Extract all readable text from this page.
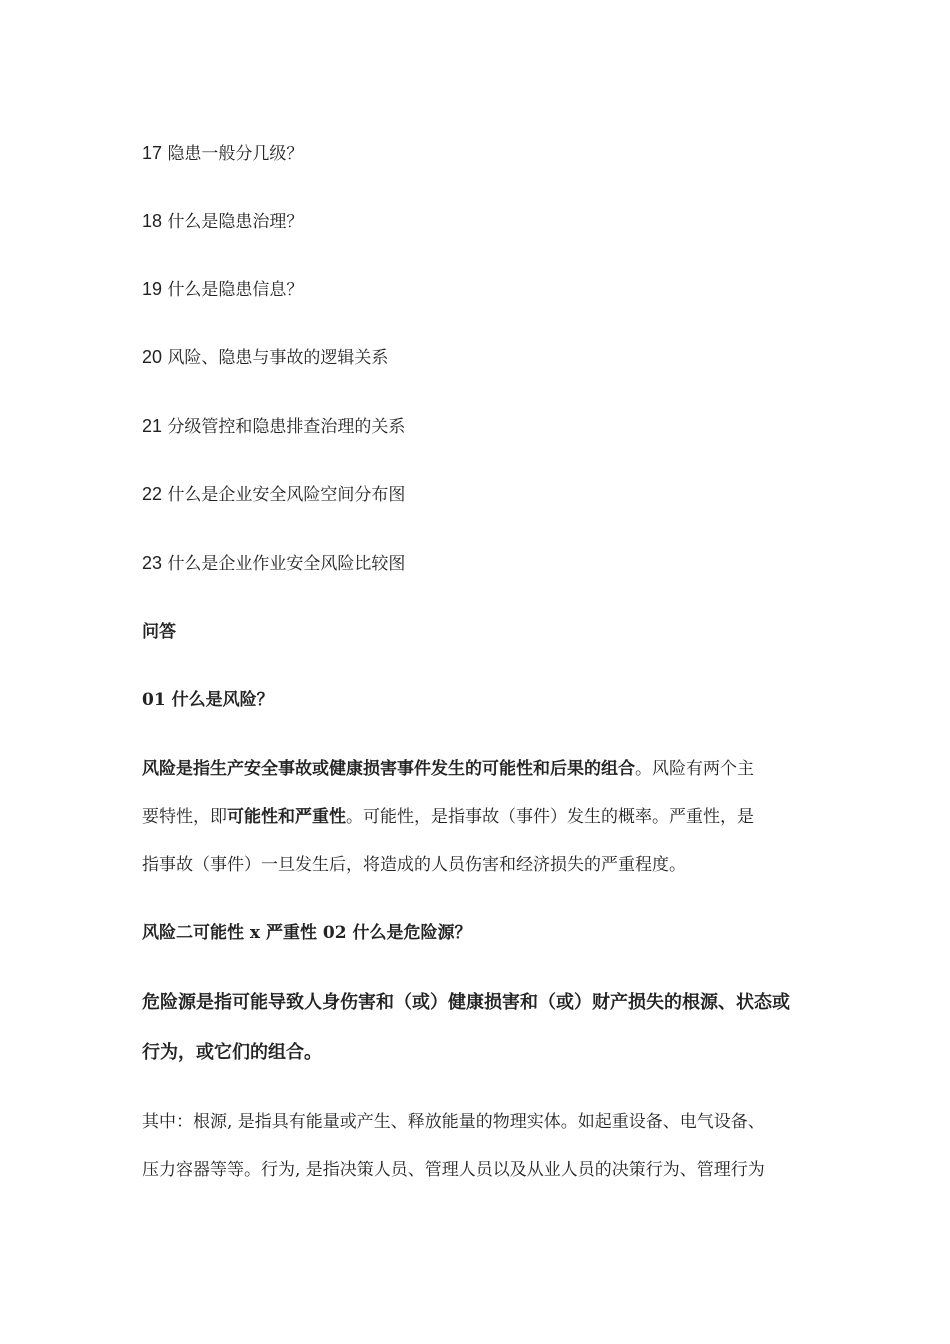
17 隐患一般分几级？
18 什么是隐患治理？
19 什么是隐患信息？
20 风险、隐患与事故的逻辑关系
21 分级管控和隐患排查治理的关系
22 什么是企业安全风险空间分布图
23 什么是企业作业安全风险比较图
问答
01 什么是风险？
风险是指生产安全事故或健康损害事件发生的可能性和后果的组合。风险有两个主
要特性，即可能性和严重性。可能性，是指事故（事件）发生的概率。严重性，是
指事故（事件）一旦发生后，将造成的人员伤害和经济损失的严重程度。
风险二可能性 x 严重性 02 什么是危险源？
危险源是指可能导致人身伤害和（或）健康损害和（或）财产损失的根源、状态或
行为，或它们的组合。
其中：根源, 是指具有能量或产生、释放能量的物理实体。如起重设备、电气设备、
压力容器等等。行为, 是指决策人员、管理人员以及从业人员的决策行为、管理行为
